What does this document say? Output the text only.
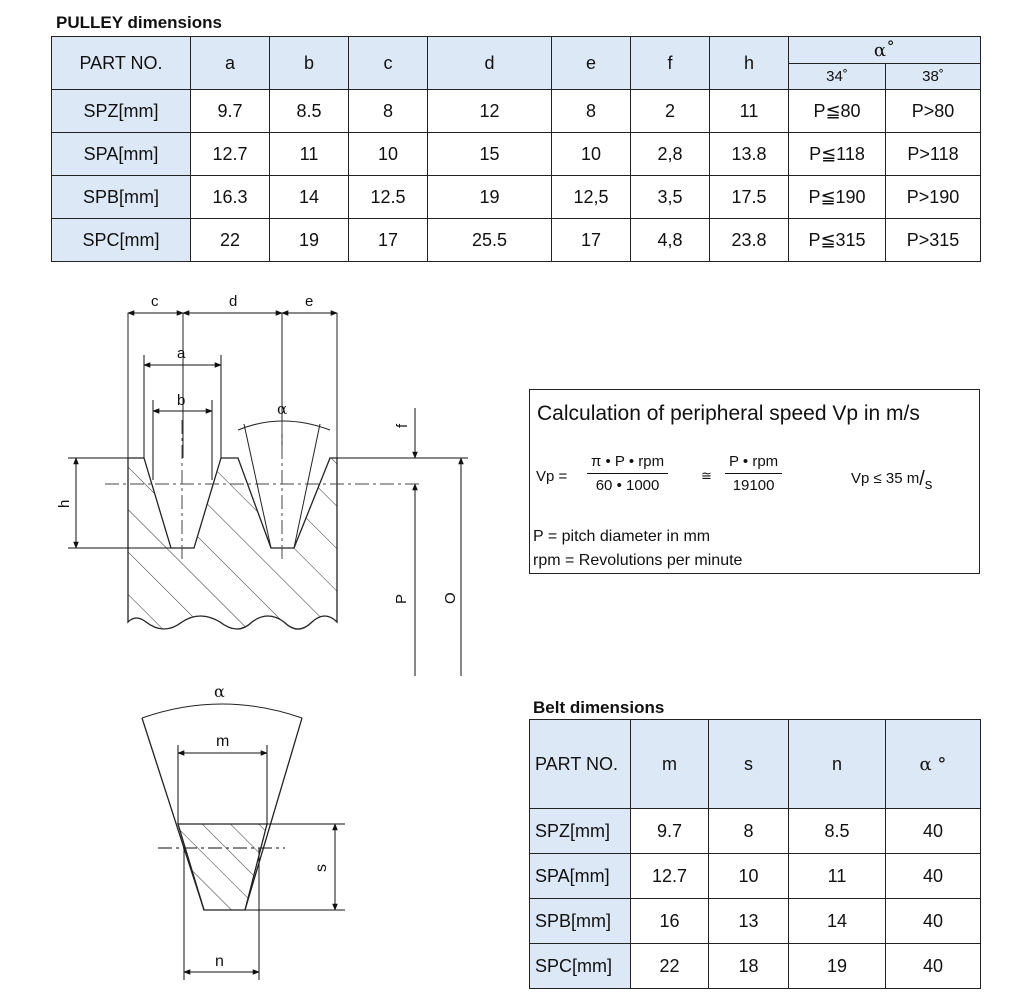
PULLEY dimensions
PART NO.	a	b	c	d	e	f	h	α˚	
								34˚	38˚
SPZ[mm]	9.7	8.5	8	12	8	2	11	P≦80	P>80
SPA[mm]	12.7	11	10	15	10	2,8	13.8	P≦118	P>118
SPB[mm]	16.3	14	12.5	19	12,5	3,5	17.5	P≦190	P>190
SPC[mm]	22	19	17	25.5	17	4,8	23.8	P≦315	P>315
c	d	e
a
b	α
f
h
P O
α
m
s
n
Calculation of peripheral speed Vp in m/s
Vp =
π • P • rpm
60 • 1000
≅
P • rpm
19100	Vp ≤ 35 m/s
P = pitch diameter in mm
rpm = Revolutions per minute
Belt dimensions
PART NO.	m	s	n	α °
SPZ[mm]	9.7	8	8.5	40
SPA[mm]	12.7	10	11	40
SPB[mm]	16	13	14	40
SPC[mm]	22	18	19	40
